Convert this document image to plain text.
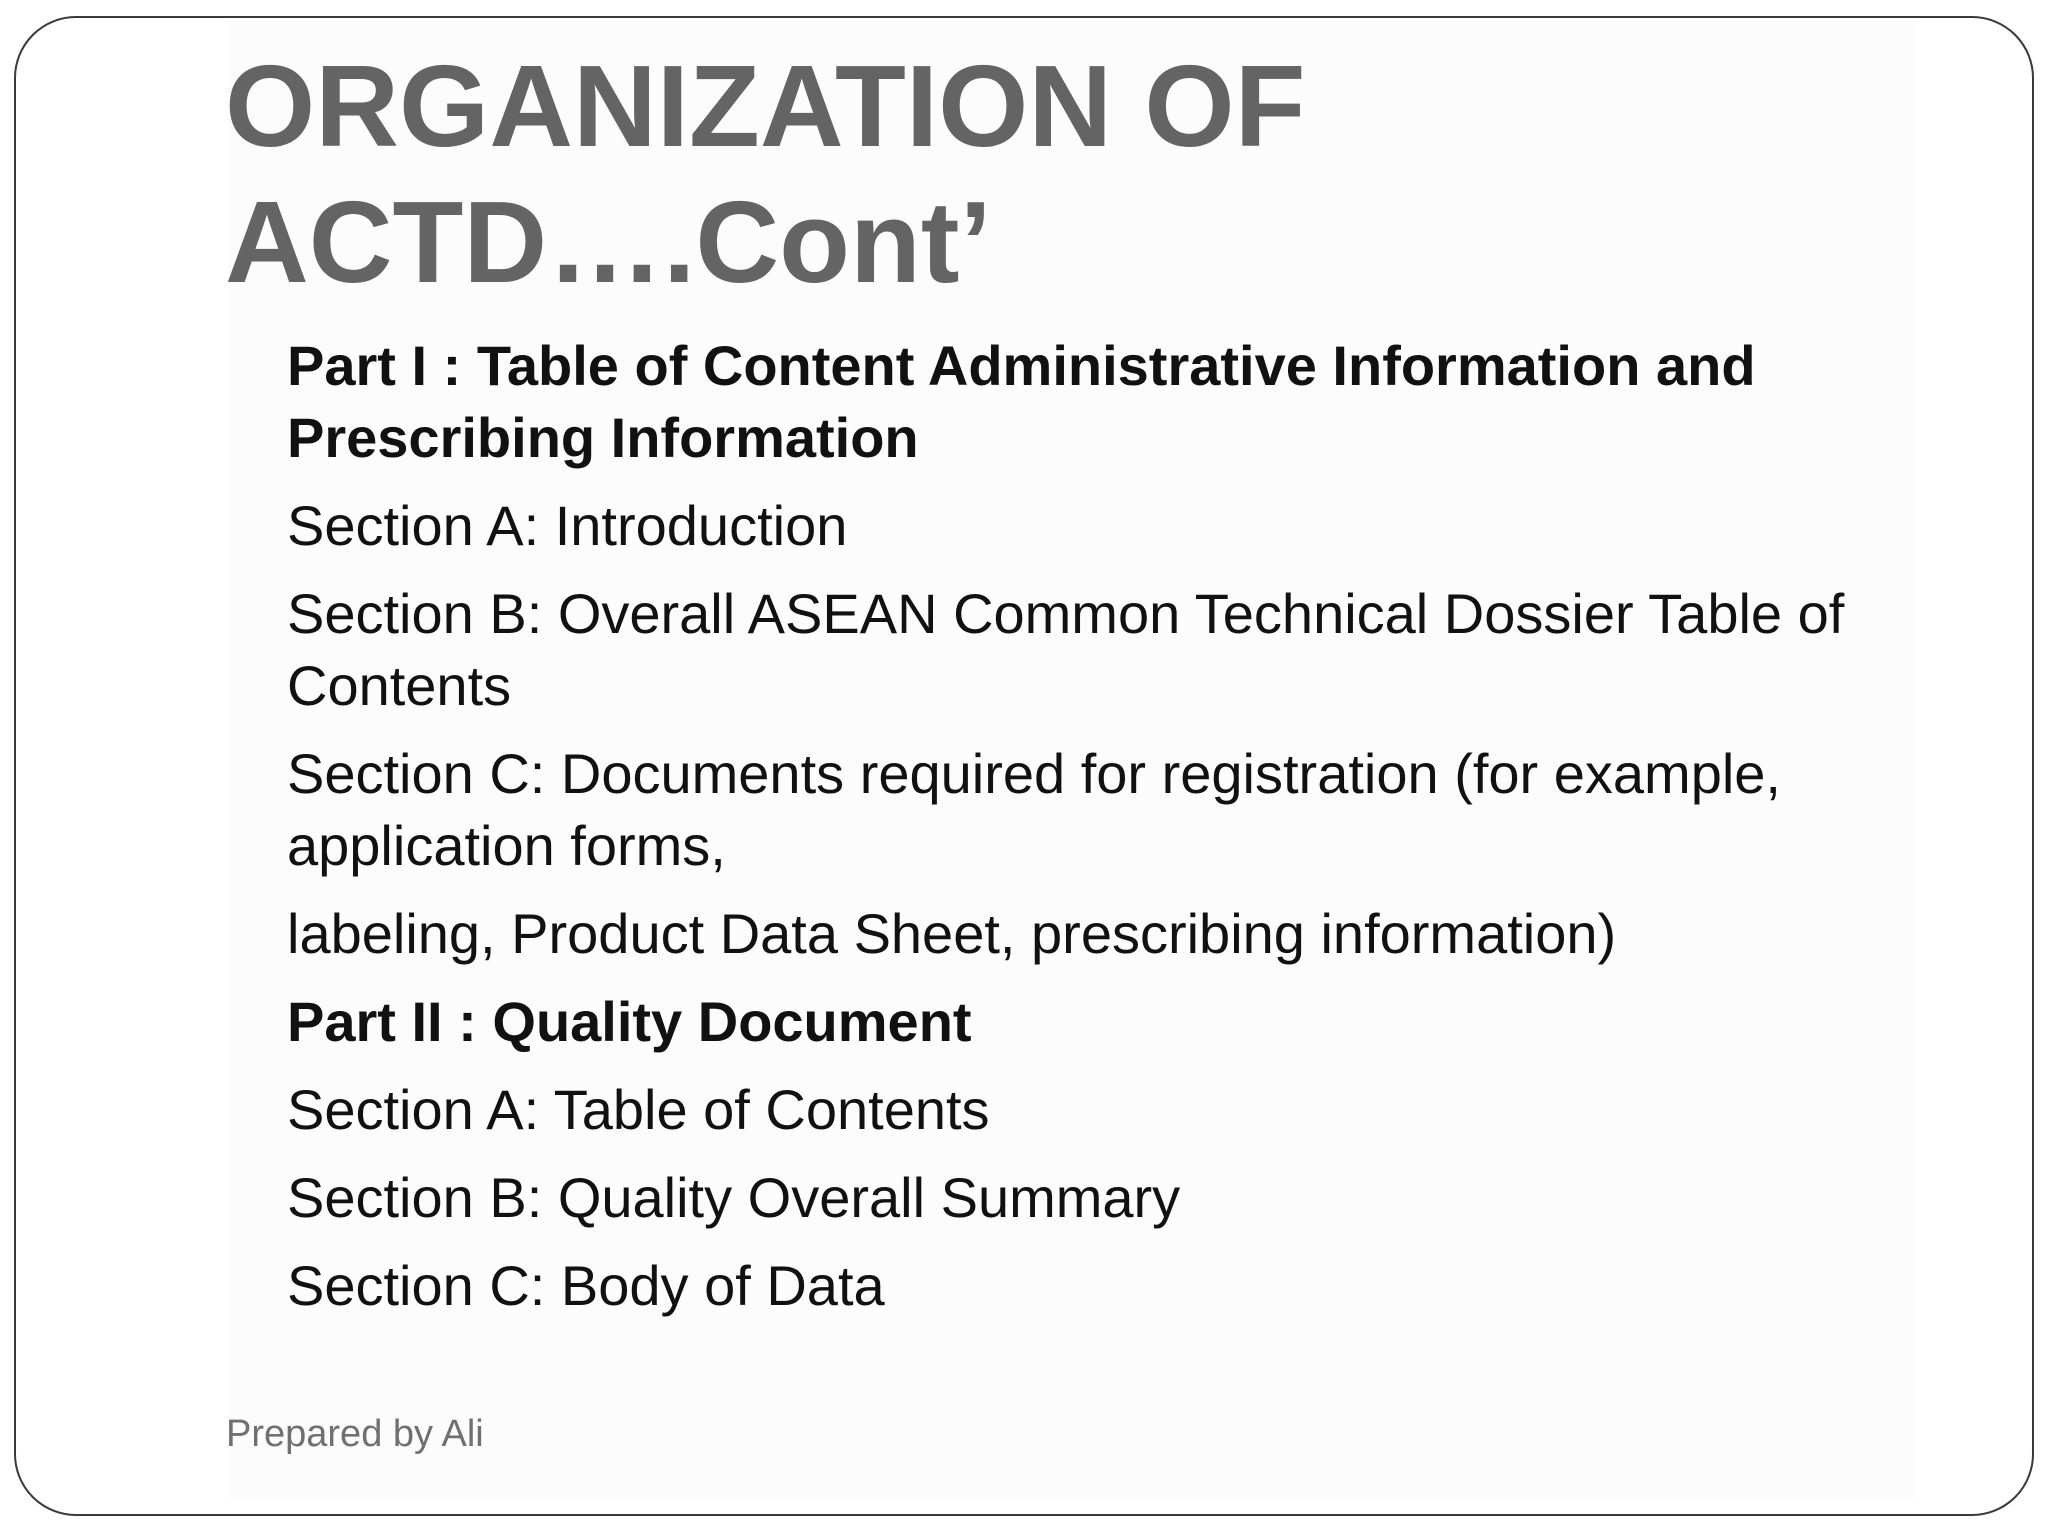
ORGANIZATION OF
ACTD….Cont’
Part I : Table of Content Administrative Information and Prescribing Information
Section A: Introduction
Section B: Overall ASEAN Common Technical Dossier Table of Contents
Section C: Documents required for registration (for example, application forms,
labeling, Product Data Sheet, prescribing information)
Part II : Quality Document
Section A: Table of Contents
Section B: Quality Overall Summary
Section C: Body of Data
Prepared by Ali
